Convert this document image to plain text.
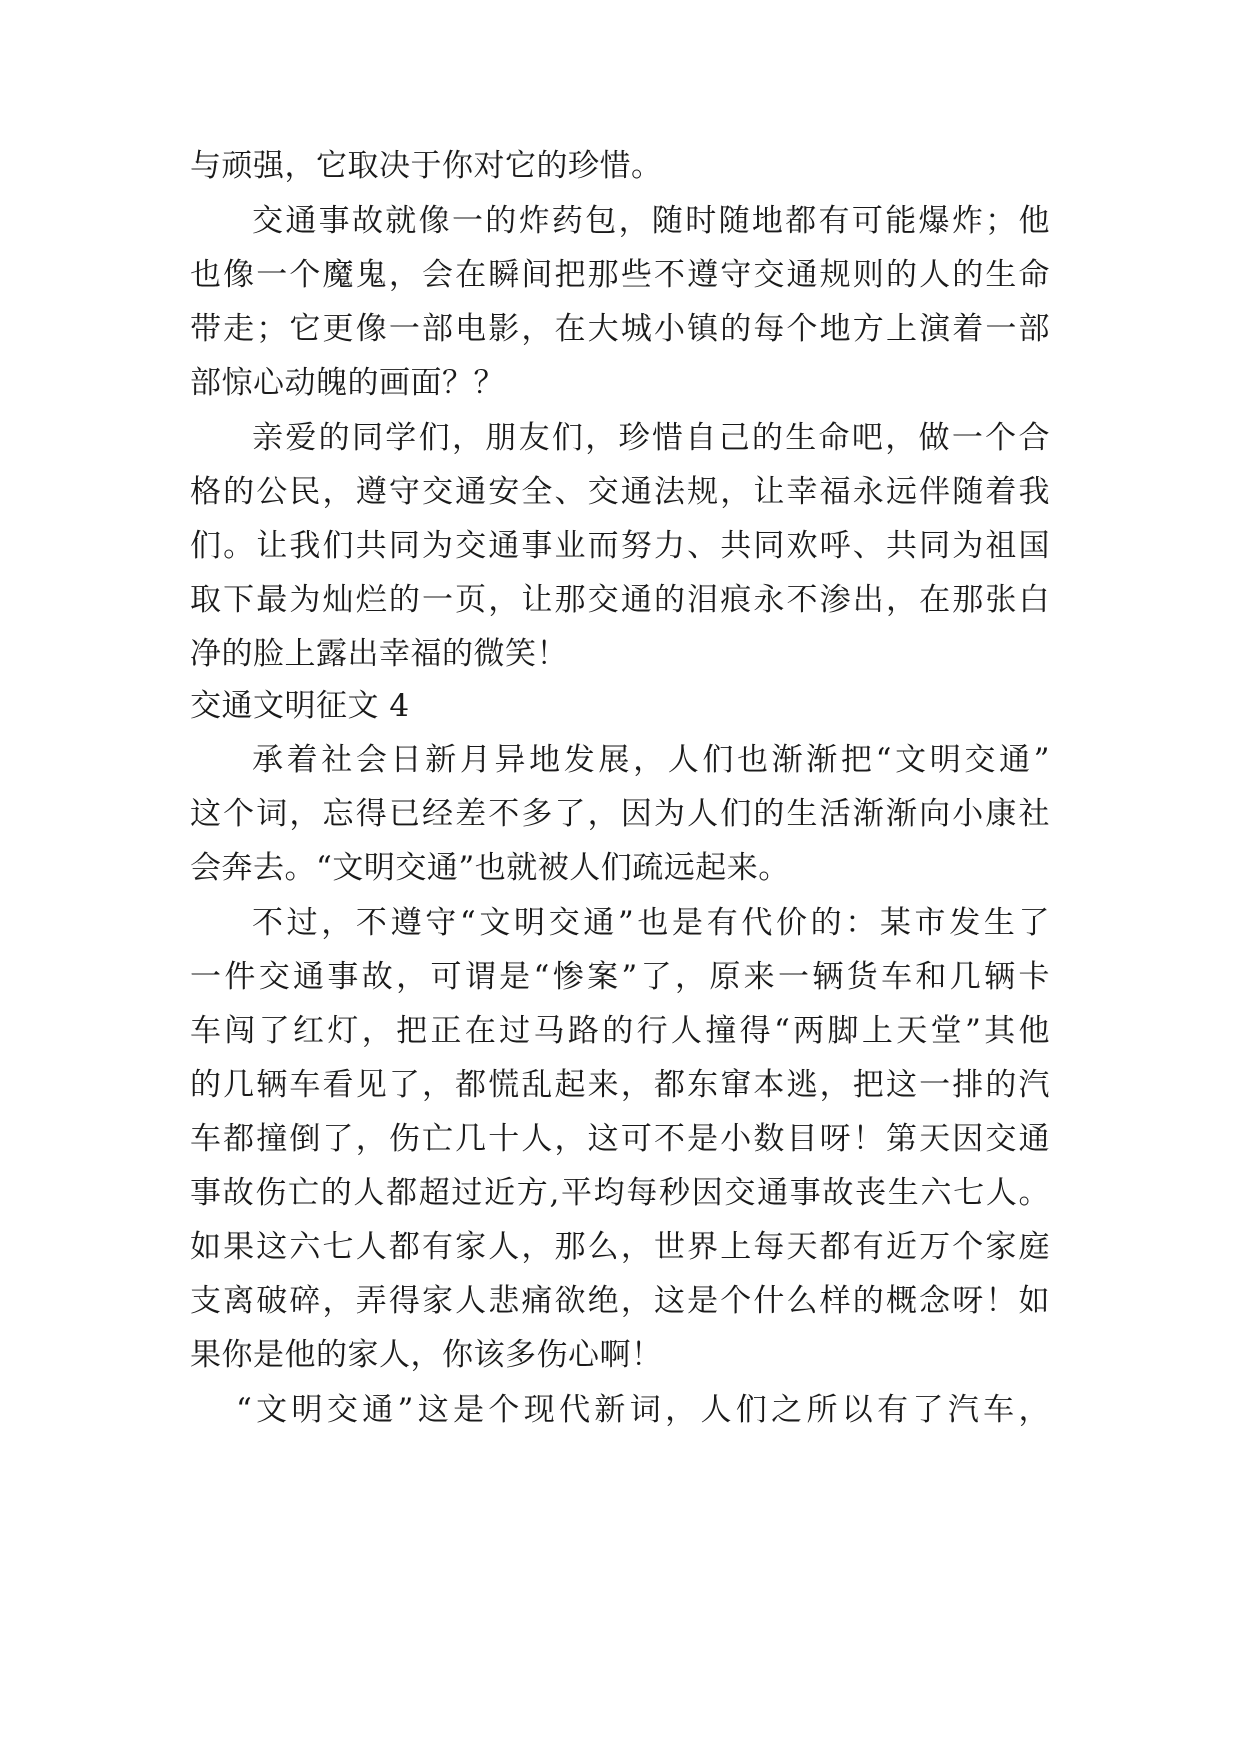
与顽强，它取决于你对它的珍惜。
交通事故就像一的炸药包，随时随地都有可能爆炸；他
也像一个魔鬼，会在瞬间把那些不遵守交通规则的人的生命
带走；它更像一部电影，在大城小镇的每个地方上演着一部
部惊心动魄的画面？？
亲爱的同学们，朋友们，珍惜自己的生命吧，做一个合
格的公民，遵守交通安全、交通法规，让幸福永远伴随着我
们。让我们共同为交通事业而努力、共同欢呼、共同为祖国
取下最为灿烂的一页，让那交通的泪痕永不渗出，在那张白
净的脸上露出幸福的微笑！
交通文明征文 4
承着社会日新月异地发展，人们也渐渐把“文明交通”
这个词，忘得已经差不多了，因为人们的生活渐渐向小康社
会奔去。“文明交通”也就被人们疏远起来。
不过，不遵守“文明交通”也是有代价的：某市发生了
一件交通事故，可谓是“惨案”了，原来一辆货车和几辆卡
车闯了红灯，把正在过马路的行人撞得“两脚上天堂”其他
的几辆车看见了，都慌乱起来，都东窜本逃，把这一排的汽
车都撞倒了，伤亡几十人，这可不是小数目呀！第天因交通
事故伤亡的人都超过近方,平均每秒因交通事故丧生六七人。
如果这六七人都有家人，那么，世界上每天都有近万个家庭
支离破碎，弄得家人悲痛欲绝，这是个什么样的概念呀！如
果你是他的家人，你该多伤心啊！
“文明交通”这是个现代新词，人们之所以有了汽车，
